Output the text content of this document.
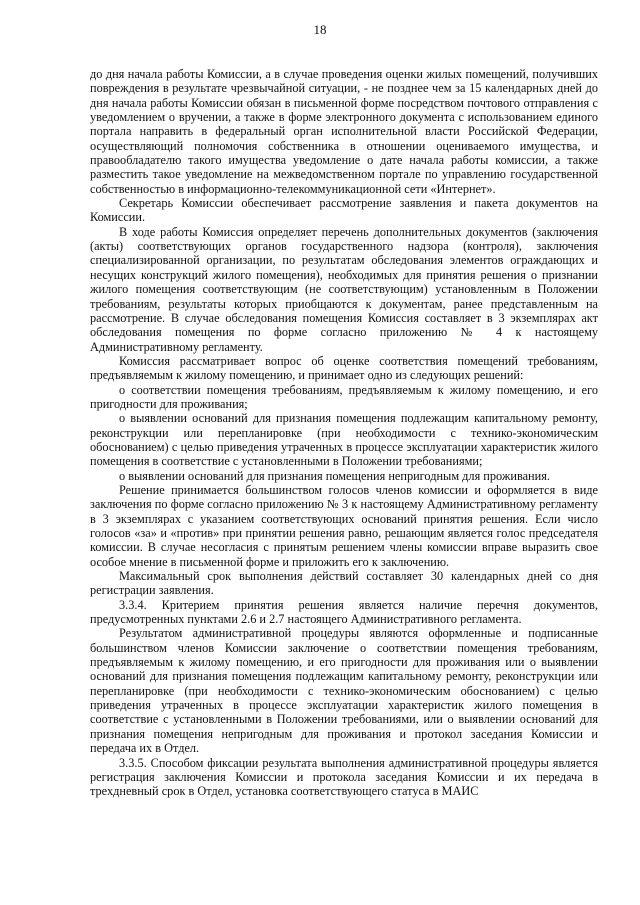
18

до дня начала работы Комиссии, а в случае проведения оценки жилых помещений, получивших повреждения в результате чрезвычайной ситуации, - не позднее чем за 15 календарных дней до дня начала работы Комиссии обязан в письменной форме посредством почтового отправления с уведомлением о вручении, а также в форме электронного документа с использованием единого портала направить в федеральный орган исполнительной власти Российской Федерации, осуществляющий полномочия собственника в отношении оцениваемого имущества, и правообладателю такого имущества уведомление о дате начала работы комиссии, а также разместить такое уведомление на межведомственном портале по управлению государственной собственностью в информационно-телекоммуникационной сети «Интернет».

Секретарь Комиссии обеспечивает рассмотрение заявления и пакета документов на Комиссии.

В ходе работы Комиссия определяет перечень дополнительных документов (заключения (акты) соответствующих органов государственного надзора (контроля), заключения специализированной организации, по результатам обследования элементов ограждающих и несущих конструкций жилого помещения), необходимых для принятия решения о признании жилого помещения соответствующим (не соответствующим) установленным в Положении требованиям, результаты которых приобщаются к документам, ранее представленным на рассмотрение. В случае обследования помещения Комиссия составляет в 3 экземплярах акт обследования помещения по форме согласно приложению № 4 к настоящему Административному регламенту.

Комиссия рассматривает вопрос об оценке соответствия помещений требованиям, предъявляемым к жилому помещению, и принимает одно из следующих решений:

о соответствии помещения требованиям, предъявляемым к жилому помещению, и его пригодности для проживания;

о выявлении оснований для признания помещения подлежащим капитальному ремонту, реконструкции или перепланировке (при необходимости с технико-экономическим обоснованием) с целью приведения утраченных в процессе эксплуатации характеристик жилого помещения в соответствие с установленными в Положении требованиями;

о выявлении оснований для признания помещения непригодным для проживания.

Решение принимается большинством голосов членов комиссии и оформляется в виде заключения по форме согласно приложению № 3 к настоящему Административному регламенту в 3 экземплярах с указанием соответствующих оснований принятия решения. Если число голосов «за» и «против» при принятии решения равно, решающим является голос председателя комиссии. В случае несогласия с принятым решением члены комиссии вправе выразить свое особое мнение в письменной форме и приложить его к заключению.

Максимальный срок выполнения действий составляет 30 календарных дней со дня регистрации заявления.

3.3.4. Критерием принятия решения является наличие перечня документов, предусмотренных пунктами 2.6 и 2.7 настоящего Административного регламента.

Результатом административной процедуры являются оформленные и подписанные большинством членов Комиссии заключение о соответствии помещения требованиям, предъявляемым к жилому помещению, и его пригодности для проживания или о выявлении оснований для признания помещения подлежащим капитальному ремонту, реконструкции или перепланировке (при необходимости с технико-экономическим обоснованием) с целью приведения утраченных в процессе эксплуатации характеристик жилого помещения в соответствие с установленными в Положении требованиями, или о выявлении оснований для признания помещения непригодным для проживания и протокол заседания Комиссии и передача их в Отдел.

3.3.5. Способом фиксации результата выполнения административной процедуры является регистрация заключения Комиссии и протокола заседания Комиссии и их передача в трехдневный срок в Отдел, установка соответствующего статуса в МАИС
